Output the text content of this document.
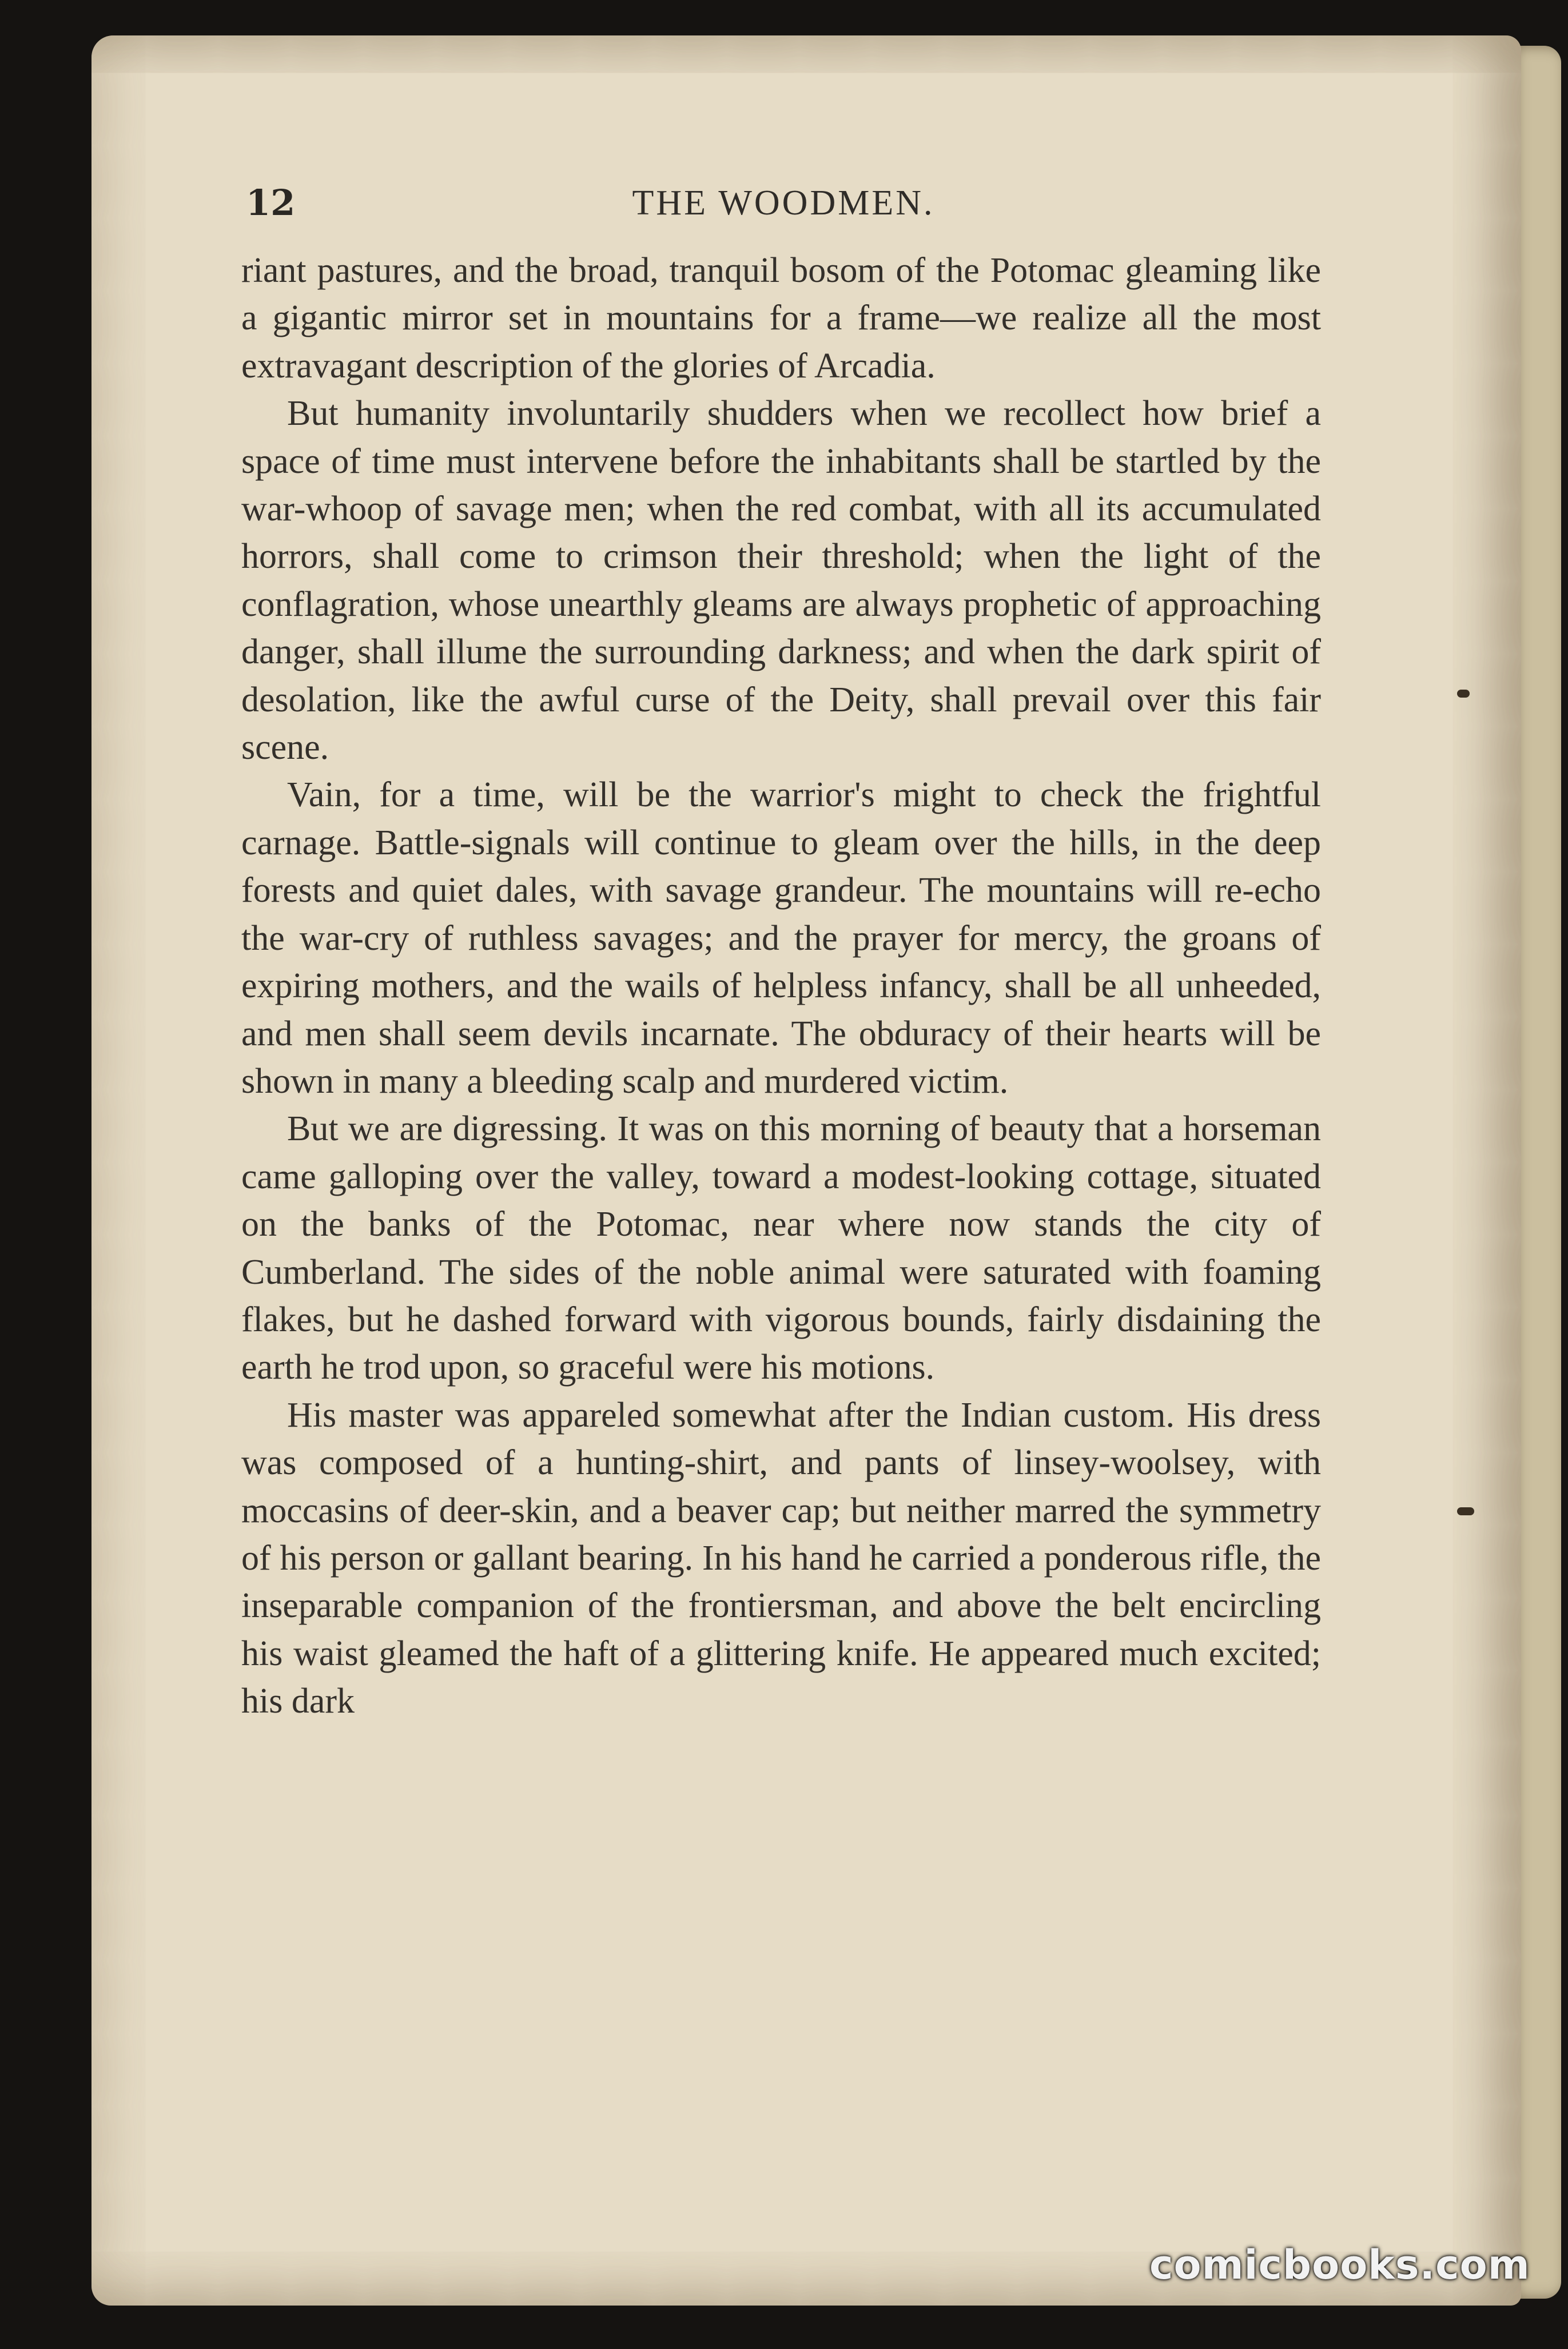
12	THE WOODMEN.

riant pastures, and the broad, tranquil bosom of the Potomac gleaming like a gigantic mirror set in mountains for a frame—we realize all the most extravagant description of the glories of Arcadia.

But humanity involuntarily shudders when we recollect how brief a space of time must intervene before the inhabitants shall be startled by the war-whoop of savage men; when the red combat, with all its accumulated horrors, shall come to crimson their threshold; when the light of the conflagration, whose unearthly gleams are always prophetic of approaching danger, shall illume the surrounding darkness; and when the dark spirit of desolation, like the awful curse of the Deity, shall prevail over this fair scene.

Vain, for a time, will be the warrior's might to check the frightful carnage. Battle-signals will continue to gleam over the hills, in the deep forests and quiet dales, with savage grandeur. The mountains will re-echo the war-cry of ruthless savages; and the prayer for mercy, the groans of expiring mothers, and the wails of helpless infancy, shall be all unheeded, and men shall seem devils incarnate. The obduracy of their hearts will be shown in many a bleeding scalp and murdered victim.

But we are digressing. It was on this morning of beauty that a horseman came galloping over the valley, toward a modest-looking cottage, situated on the banks of the Potomac, near where now stands the city of Cumberland. The sides of the noble animal were saturated with foaming flakes, but he dashed forward with vigorous bounds, fairly disdaining the earth he trod upon, so graceful were his motions.

His master was appareled somewhat after the Indian custom. His dress was composed of a hunting-shirt, and pants of linsey-woolsey, with moccasins of deer-skin, and a beaver cap; but neither marred the symmetry of his person or gallant bearing. In his hand he carried a ponderous rifle, the inseparable companion of the frontiersman, and above the belt encircling his waist gleamed the haft of a glittering knife. He appeared much excited; his dark

comicbooks.com
